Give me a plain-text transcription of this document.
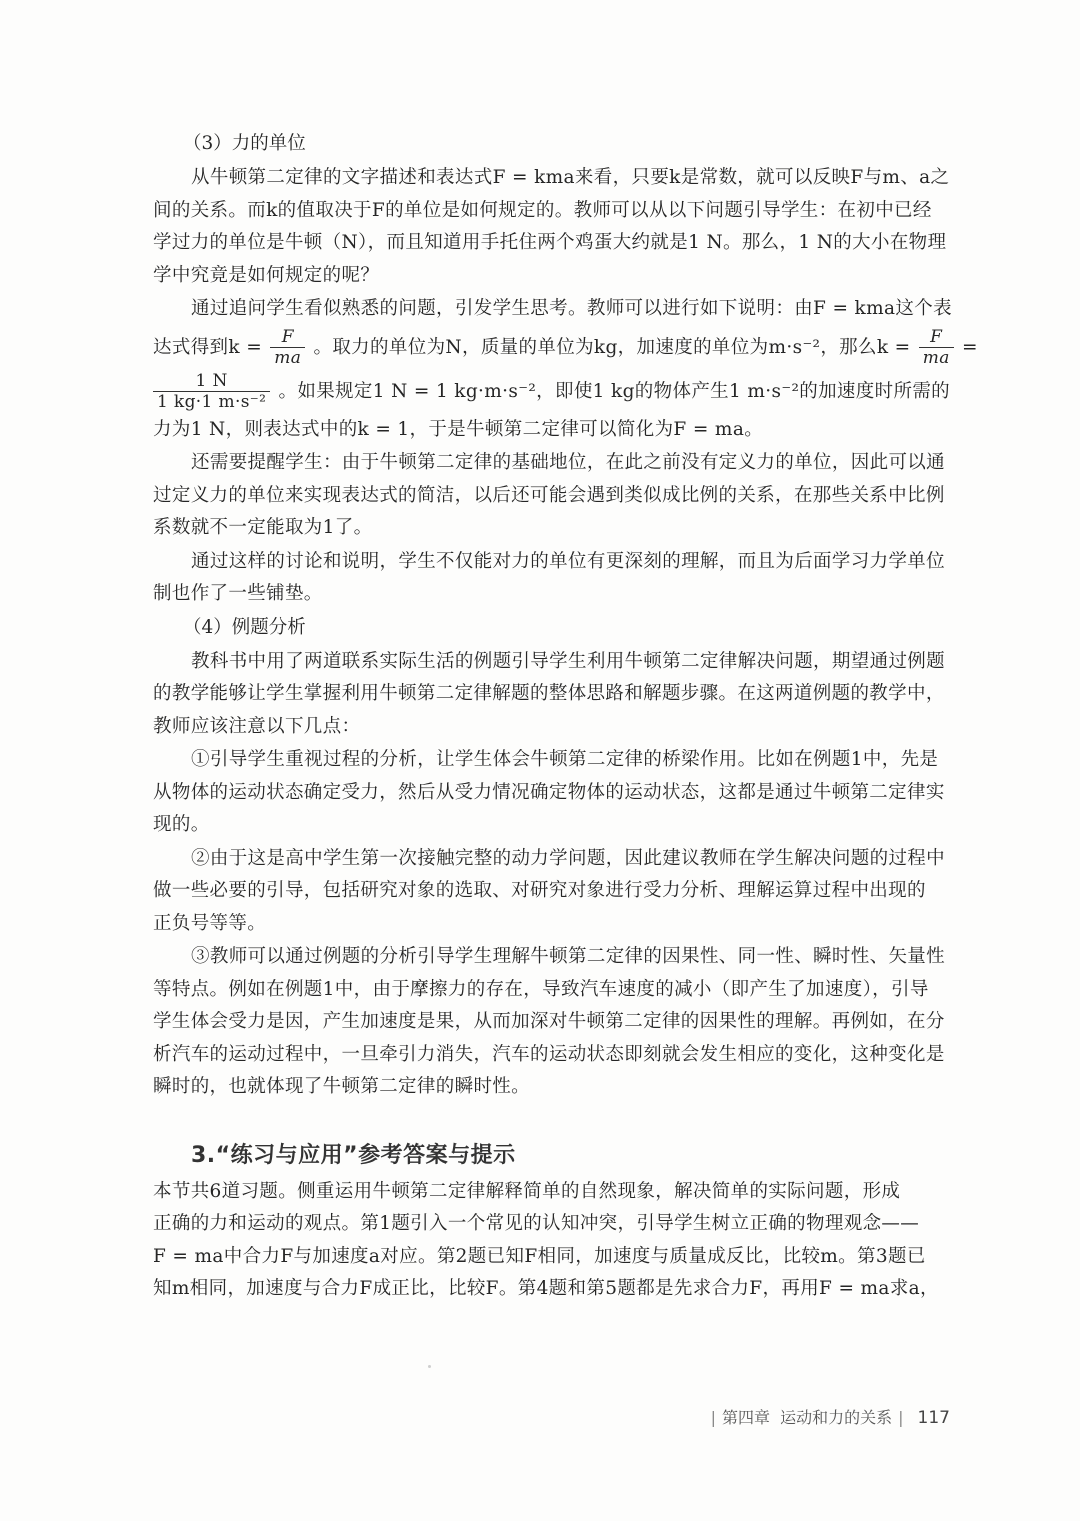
（3）力的单位
从牛顿第二定律的文字描述和表达式F = kma来看，只要k是常数，就可以反映F与m、a之
间的关系。而k的值取决于F的单位是如何规定的。教师可以从以下问题引导学生：在初中已经
学过力的单位是牛顿（N），而且知道用手托住两个鸡蛋大约就是1 N。那么，1 N的大小在物理
学中究竟是如何规定的呢？
通过追问学生看似熟悉的问题，引发学生思考。教师可以进行如下说明：由F = kma这个表
达式得到$k = \frac{F}{ma}$ 。取力的单位为N，质量的单位为kg，加速度的单位为m·s⁻²，那么$k = \frac{F}{ma}$ =
$\frac{1 N}{\text{1 kg·1 m·s⁻²}}$ 。如果规定1 N = 1 kg·m·s⁻²，即使1 kg的物体产生1 m·s⁻²的加速度时所需的
力为1 N，则表达式中的k = 1，于是牛顿第二定律可以简化为F = ma。
还需要提醒学生：由于牛顿第二定律的基础地位，在此之前没有定义力的单位，因此可以通
过定义力的单位来实现表达式的简洁，以后还可能会遇到类似成比例的关系，在那些关系中比例
系数就不一定能取为1了。
通过这样的讨论和说明，学生不仅能对力的单位有更深刻的理解，而且为后面学习力学单位
制也作了一些铺垫。
（4）例题分析
教科书中用了两道联系实际生活的例题引导学生利用牛顿第二定律解决问题，期望通过例题
的教学能够让学生掌握利用牛顿第二定律解题的整体思路和解题步骤。在这两道例题的教学中，
教师应该注意以下几点：
①引导学生重视过程的分析，让学生体会牛顿第二定律的桥梁作用。比如在例题1中，先是
从物体的运动状态确定受力，然后从受力情况确定物体的运动状态，这都是通过牛顿第二定律实
现的。
②由于这是高中学生第一次接触完整的动力学问题，因此建议教师在学生解决问题的过程中
做一些必要的引导，包括研究对象的选取、对研究对象进行受力分析、理解运算过程中出现的
正负号等等。
③教师可以通过例题的分析引导学生理解牛顿第二定律的因果性、同一性、瞬时性、矢量性
等特点。例如在例题1中，由于摩擦力的存在，导致汽车速度的减小（即产生了加速度），引导
学生体会受力是因，产生加速度是果，从而加深对牛顿第二定律的因果性的理解。再例如，在分
析汽车的运动过程中，一旦牵引力消失，汽车的运动状态即刻就会发生相应的变化，这种变化是
瞬时的，也就体现了牛顿第二定律的瞬时性。
3.“练习与应用”参考答案与提示
本节共6道习题。侧重运用牛顿第二定律解释简单的自然现象，解决简单的实际问题，形成
正确的力和运动的观点。第1题引入一个常见的认知冲突，引导学生树立正确的物理观念——
F = ma中合力F与加速度a对应。第2题已知F相同，加速度与质量成反比，比较m。第3题已
知m相同，加速度与合力F成正比，比较F。第4题和第5题都是先求合力F，再用F = ma求a，
| 第四章 运动和力的关系 | 117
